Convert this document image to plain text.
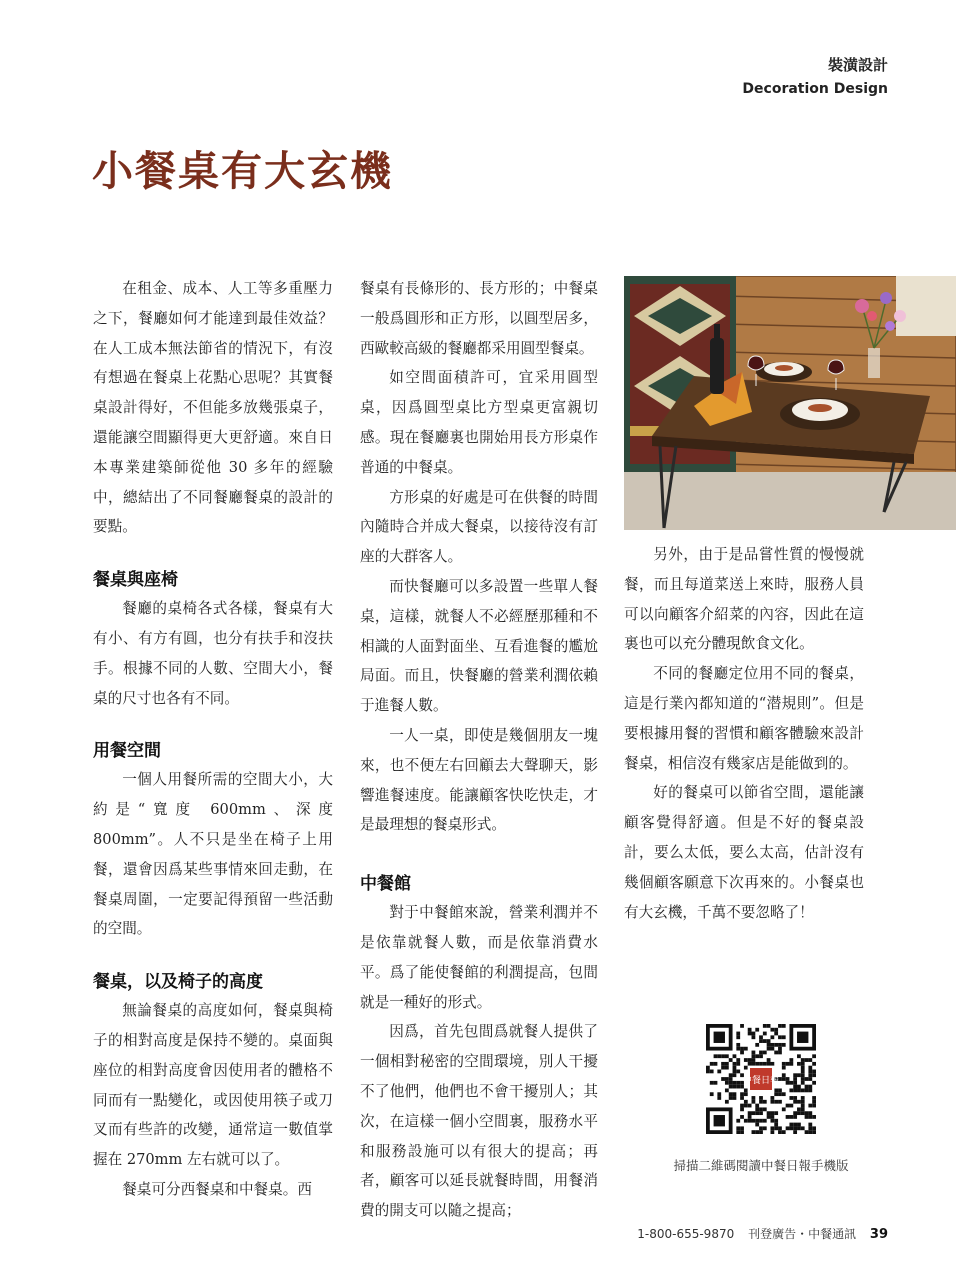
裝潢設計
Decoration Design
小餐桌有大玄機

在租金、成本、人工等多重壓力之下，餐廳如何才能達到最佳效益？在人工成本無法節省的情況下，有沒有想過在餐桌上花點心思呢？其實餐桌設計得好，不但能多放幾張桌子，還能讓空間顯得更大更舒適。來自日本專業建築師從他 30 多年的經驗中，總結出了不同餐廳餐桌的設計的要點。

餐桌與座椅

餐廳的桌椅各式各樣，餐桌有大有小、有方有圓，也分有扶手和沒扶手。根據不同的人數、空間大小，餐桌的尺寸也各有不同。

用餐空間

一個人用餐所需的空間大小，大約是“寬度 600mm、深度 800mm”。人不只是坐在椅子上用餐，還會因爲某些事情來回走動，在餐桌周圍，一定要記得預留一些活動的空間。

餐桌，以及椅子的高度

無論餐桌的高度如何，餐桌與椅子的相對高度是保持不變的。桌面與座位的相對高度會因使用者的體格不同而有一點變化，或因使用筷子或刀叉而有些許的改變，通常這一數值掌握在 270mm 左右就可以了。

餐桌可分西餐桌和中餐桌。西

餐桌有長條形的、長方形的；中餐桌一般爲圓形和正方形，以圓型居多，西歐較高級的餐廳都采用圓型餐桌。

如空間面積許可，宜采用圓型桌，因爲圓型桌比方型桌更富親切感。現在餐廳裏也開始用長方形桌作普通的中餐桌。

方形桌的好處是可在供餐的時間內隨時合并成大餐桌，以接待沒有訂座的大群客人。

而快餐廳可以多設置一些單人餐桌，這樣，就餐人不必經歷那種和不相識的人面對面坐、互看進餐的尷尬局面。而且，快餐廳的營業利潤依賴于進餐人數。

一人一桌，即使是幾個朋友一塊來，也不便左右回顧去大聲聊天，影響進餐速度。能讓顧客快吃快走，才是最理想的餐桌形式。

中餐館

對于中餐館來說，營業利潤并不是依靠就餐人數，而是依靠消費水平。爲了能使餐館的利潤提高，包間就是一種好的形式。

因爲，首先包間爲就餐人提供了一個相對秘密的空間環境，別人干擾不了他們，他們也不會干擾別人；其次，在這樣一個小空間裏，服務水平和服務設施可以有很大的提高；再者，顧客可以延長就餐時間，用餐消費的開支可以隨之提高；

另外，由于是品嘗性質的慢慢就餐，而且每道菜送上來時，服務人員可以向顧客介紹菜的內容，因此在這裏也可以充分體現飲食文化。

不同的餐廳定位用不同的餐桌，這是行業內都知道的“潜規則”。但是要根據用餐的習慣和顧客體驗來設計餐桌，相信沒有幾家店是能做到的。

好的餐桌可以節省空間，還能讓顧客覺得舒適。但是不好的餐桌設計，要么太低，要么太高，估計沒有幾個顧客願意下次再來的。小餐桌也有大玄機，千萬不要忽略了！

中餐日報
掃描二維碼閱讀中餐日報手機版
1-800-655-9870 刊登廣告・中餐通訊 39
